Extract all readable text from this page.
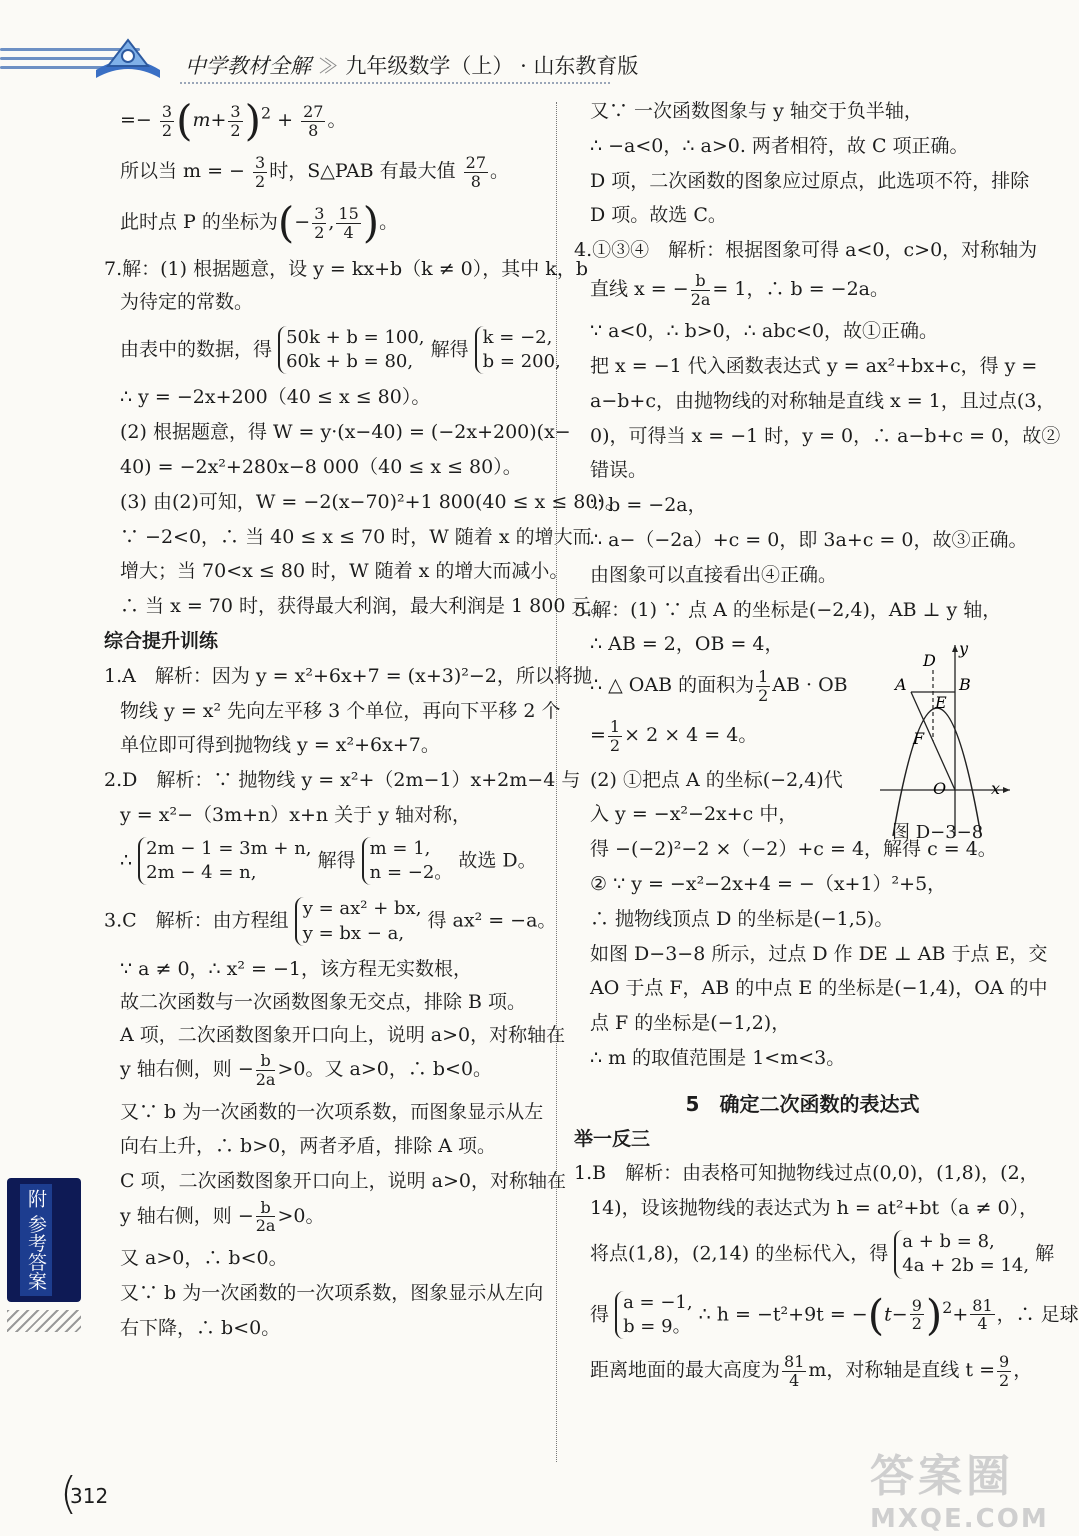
中学教材全解 ≫ 九年级数学（上） · 山东教育版
=− $\frac{3}{2} (m+ \frac{3}{2} )^2 + \frac{27}{8}$ 。
所以当 m = − $\frac{3}{2}$ 时，S△PAB 有最大值 $\frac{27}{8}$ 。
此时点 P 的坐标为(− $\frac{3}{2}$ , $\frac{15}{4}$ )。
7.解：(1) 根据题意，设 y = kx+b（k ≠ 0），其中 k，b
为待定的常数。
由表中的数据，得 50k + b = 100,
60k + b = 80, 解得 k = −2,
b = 200,
∴ y = −2x+200（40 ≤ x ≤ 80）。
(2) 根据题意，得 W = y·(x−40) = (−2x+200)(x−
40) = −2x²+280x−8 000（40 ≤ x ≤ 80）。
(3) 由(2)可知，W = −2(x−70)²+1 800(40 ≤ x ≤ 80)。
∵ −2<0，∴ 当 40 ≤ x ≤ 70 时，W 随着 x 的增大而
增大；当 70<x ≤ 80 时，W 随着 x 的增大而减小。
∴ 当 x = 70 时，获得最大利润，最大利润是 1 800 元。
综合提升训练
1.A　解析：因为 y = x²+6x+7 = (x+3)²−2，所以将抛
物线 y = x² 先向左平移 3 个单位，再向下平移 2 个
单位即可得到抛物线 y = x²+6x+7。
2.D　解析：∵ 抛物线 y = x²+（2m−1）x+2m−4 与
y = x²−（3m+n）x+n 关于 y 轴对称，
∴ 2m − 1 = 3m + n,
2m − 4 = n, 解得 m = 1,
n = −2。 故选 D。
3.C　解析：由方程组 y = ax² + bx,
y = bx − a, 得 ax² = −a。
∵ a ≠ 0，∴ x² = −1，该方程无实数根，
故二次函数与一次函数图象无交点，排除 B 项。
A 项，二次函数图象开口向上，说明 a>0，对称轴在
y 轴右侧，则 − $\frac{b}{2a} >0$。又 a>0，∴ b<0。
又∵ b 为一次函数的一次项系数，而图象显示从左
向右上升，∴ b>0，两者矛盾，排除 A 项。
C 项，二次函数图象开口向上，说明 a>0，对称轴在
y 轴右侧，则 − $\frac{b}{2a} >0$。
又 a>0，∴ b<0。
又∵ b 为一次函数的一次项系数，图象显示从左向
右下降，∴ b<0。
又∵ 一次函数图象与 y 轴交于负半轴，
∴ −a<0，∴ a>0. 两者相符，故 C 项正确。
D 项，二次函数的图象应过原点，此选项不符，排除
D 项。故选 C。
4.①③④　解析：根据图象可得 a<0，c>0，对称轴为
直线 x = − $\frac{b}{2a} = 1$，∴ b = −2a。
∵ a<0，∴ b>0，∴ abc<0，故①正确。
把 x = −1 代入函数表达式 y = ax²+bx+c，得 y =
a−b+c，由抛物线的对称轴是直线 x = 1，且过点(3，
0)，可得当 x = −1 时，y = 0，∴ a−b+c = 0，故②
错误。
∵ b = −2a，
∴ a−（−2a）+c = 0，即 3a+c = 0，故③正确。
由图象可以直接看出④正确。
5.解：(1) ∵ 点 A 的坐标是(−2,4)，AB ⊥ y 轴，
∴ AB = 2，OB = 4，
∴ △ OAB 的面积为 $\frac{1}{2}$ AB · OB
= $\frac{1}{2} \times 2 \times 4 = 4$。
(2) ①把点 A 的坐标(−2,4)代
入 y = −x²−2x+c 中，
得 −(−2)²−2 ×（−2）+c = 4，解得 c = 4。
② ∵ y = −x²−2x+4 = −（x+1）²+5，
∴ 抛物线顶点 D 的坐标是(−1,5)。
如图 D−3−8 所示，过点 D 作 DE ⊥ AB 于点 E，交
AO 于点 F，AB 的中点 E 的坐标是(−1,4)，OA 的中
点 F 的坐标是(−1,2)，
∴ m 的取值范围是 1<m<3。
5　确定二次函数的表达式
举一反三
1.B　解析：由表格可知抛物线过点(0,0)，(1,8)，(2，
14)，设该抛物线的表达式为 h = at²+bt（a ≠ 0），
将点(1,8)，(2,14) 的坐标代入，得 a + b = 8,
4a + 2b = 14, 解
得 a = −1,
b = 9。 ∴ $h = -t^2+9t = -(t- \frac{9}{2} )^2+ \frac{81}{4}$ ，∴ 足球
距离地面的最大高度为 $\frac{81}{4}$ m，对称轴是直线 $t = \frac{9}{2}$ ，
D
A
E
B
F
O	x
y
图 D−3−8
附 参考答案
(
312	答案圈
MXQE.COM
